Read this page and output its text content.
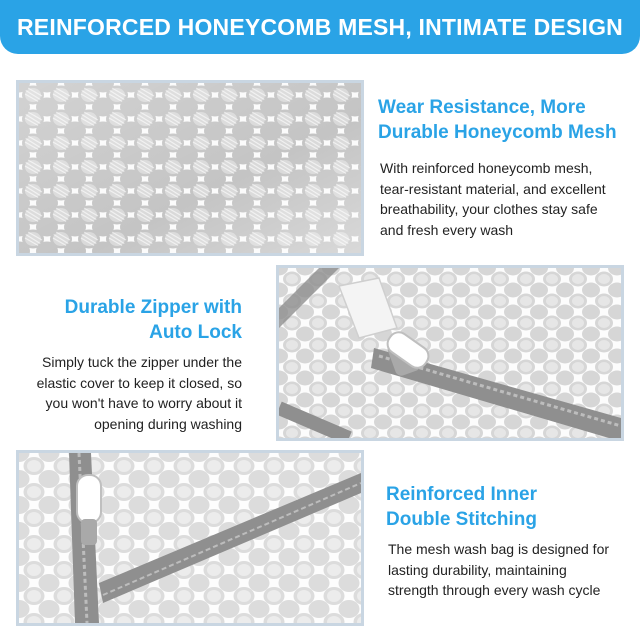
REINFORCED HONEYCOMB MESH, INTIMATE DESIGN
Wear Resistance, More
Durable Honeycomb Mesh
With reinforced honeycomb mesh,
tear-resistant material, and excellent
breathability, your clothes stay safe
and fresh every wash
Durable Zipper with
Auto Lock
Simply tuck the zipper under the
elastic cover to keep it closed, so
you won't have to worry about it
opening during washing
Reinforced Inner
Double Stitching
The mesh wash bag is designed for
lasting durability, maintaining
strength through every wash cycle
